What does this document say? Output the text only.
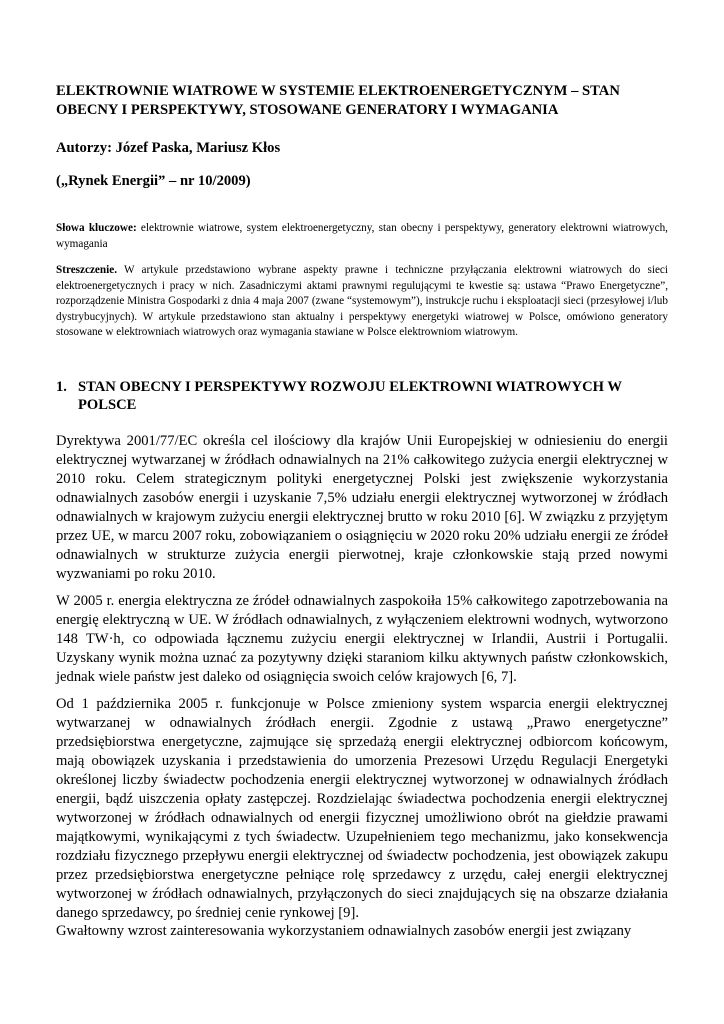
ELEKTROWNIE WIATROWE W SYSTEMIE ELEKTROENERGETYCZNYM – STAN OBECNY I PERSPEKTYWY, STOSOWANE GENERATORY I WYMAGANIA
Autorzy: Józef Paska, Mariusz Kłos
(„Rynek Energii” – nr 10/2009)
Słowa kluczowe: elektrownie wiatrowe, system elektroenergetyczny, stan obecny i perspektywy, generatory elektrowni wiatrowych, wymagania
Streszczenie. W artykule przedstawiono wybrane aspekty prawne i techniczne przyłączania elektrowni wiatrowych do sieci elektroenergetycznych i pracy w nich. Zasadniczymi aktami prawnymi regulującymi te kwestie są: ustawa “Prawo Energetyczne”, rozporządzenie Ministra Gospodarki z dnia 4 maja 2007 (zwane “systemowym”), instrukcje ruchu i eksploatacji sieci (przesyłowej i/lub dystrybucyjnych). W artykule przedstawiono stan aktualny i perspektywy energetyki wiatrowej w Polsce, omówiono generatory stosowane w elektrowniach wiatrowych oraz wymagania stawiane w Polsce elektrowniom wiatrowym.
1. STAN OBECNY I PERSPEKTYWY ROZWOJU ELEKTROWNI WIATROWYCH W POLSCE
Dyrektywa 2001/77/EC określa cel ilościowy dla krajów Unii Europejskiej w odniesieniu do energii elektrycznej wytwarzanej w źródłach odnawialnych na 21% całkowitego zużycia energii elektrycznej w 2010 roku. Celem strategicznym polityki energetycznej Polski jest zwiększenie wykorzystania odnawialnych zasobów energii i uzyskanie 7,5% udziału energii elektrycznej wytworzonej w źródłach odnawialnych w krajowym zużyciu energii elektrycznej brutto w roku 2010 [6]. W związku z przyjętym przez UE, w marcu 2007 roku, zobowiązaniem o osiągnięciu w 2020 roku 20% udziału energii ze źródeł odnawialnych w strukturze zużycia energii pierwotnej, kraje członkowskie stają przed nowymi wyzwaniami po roku 2010.
W 2005 r. energia elektryczna ze źródeł odnawialnych zaspokoiła 15% całkowitego zapotrzebowania na energię elektryczną w UE. W źródłach odnawialnych, z wyłączeniem elektrowni wodnych, wytworzono 148 TW·h, co odpowiada łącznemu zużyciu energii elektrycznej w Irlandii, Austrii i Portugalii. Uzyskany wynik można uznać za pozytywny dzięki staraniom kilku aktywnych państw członkowskich, jednak wiele państw jest daleko od osiągnięcia swoich celów krajowych [6, 7].
Od 1 października 2005 r. funkcjonuje w Polsce zmieniony system wsparcia energii elektrycznej wytwarzanej w odnawialnych źródłach energii. Zgodnie z ustawą „Prawo energetyczne” przedsiębiorstwa energetyczne, zajmujące się sprzedażą energii elektrycznej odbiorcom końcowym, mają obowiązek uzyskania i przedstawienia do umorzenia Prezesowi Urzędu Regulacji Energetyki określonej liczby świadectw pochodzenia energii elektrycznej wytworzonej w odnawialnych źródłach energii, bądź uiszczenia opłaty zastępczej. Rozdzielając świadectwa pochodzenia energii elektrycznej wytworzonej w źródłach odnawialnych od energii fizycznej umożliwiono obrót na giełdzie prawami majątkowymi, wynikającymi z tych świadectw. Uzupełnieniem tego mechanizmu, jako konsekwencja rozdziału fizycznego przepływu energii elektrycznej od świadectw pochodzenia, jest obowiązek zakupu przez przedsiębiorstwa energetyczne pełniące rolę sprzedawcy z urzędu, całej energii elektrycznej wytworzonej w źródłach odnawialnych, przyłączonych do sieci znajdujących się na obszarze działania danego sprzedawcy, po średniej cenie rynkowej [9].
Gwałtowny wzrost zainteresowania wykorzystaniem odnawialnych zasobów energii jest związany
